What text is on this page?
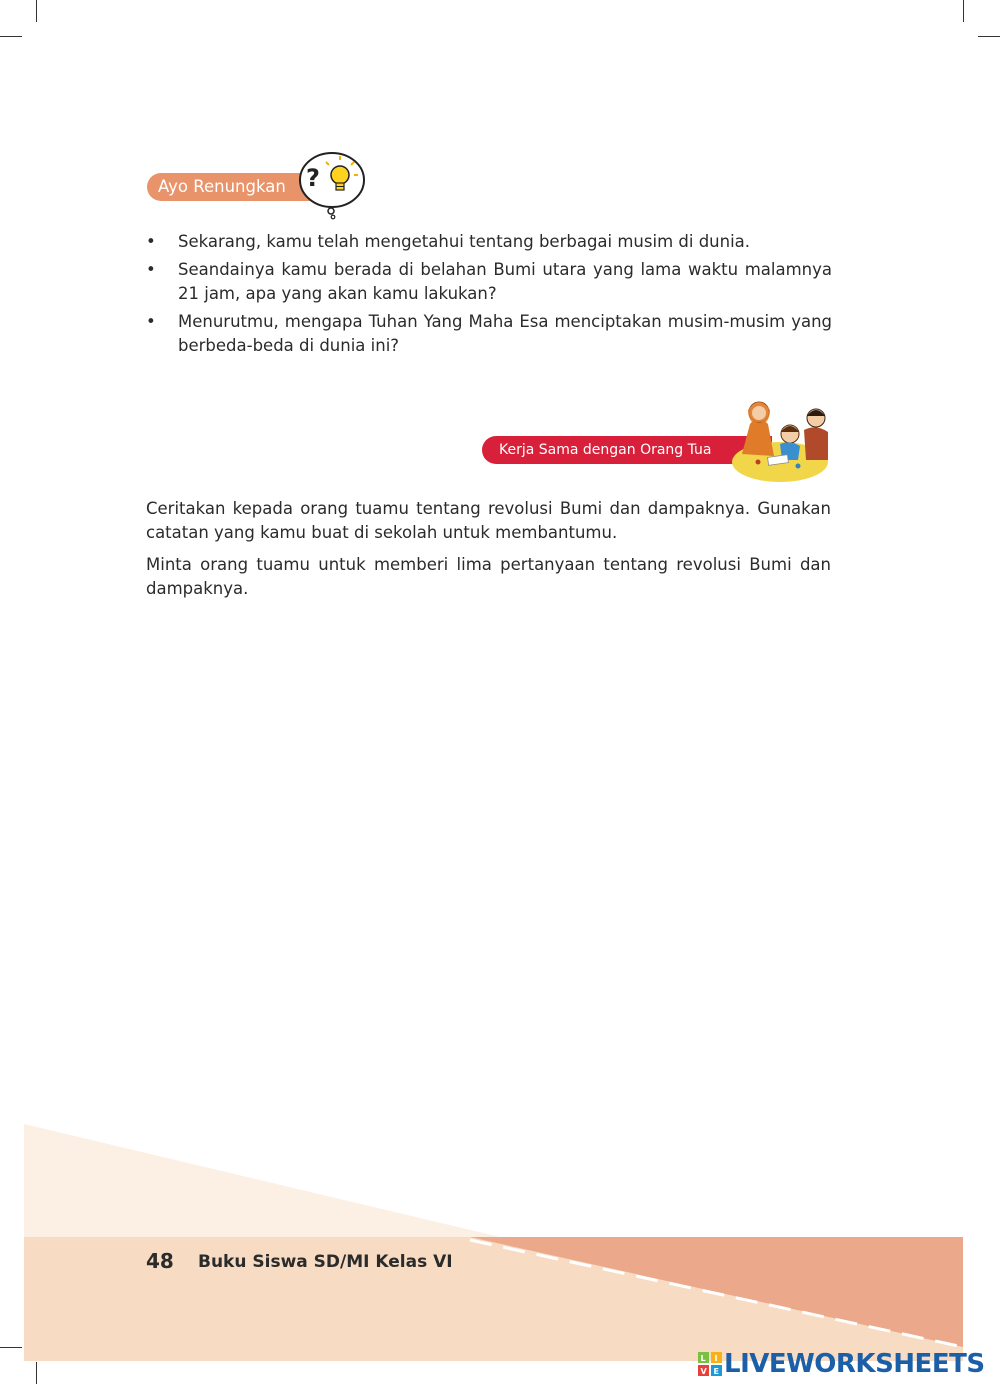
Ayo Renungkan ?
• Sekarang, kamu telah mengetahui tentang berbagai musim di dunia.
• Seandainya kamu berada di belahan Bumi utara yang lama waktu malamnya 21 jam, apa yang akan kamu lakukan?
• Menurutmu, mengapa Tuhan Yang Maha Esa menciptakan musim-musim yang berbeda-beda di dunia ini?
Kerja Sama dengan Orang Tua

Ceritakan kepada orang tuamu tentang revolusi Bumi dan dampaknya. Gunakan catatan yang kamu buat di sekolah untuk membantumu.

Minta orang tuamu untuk memberi lima pertanyaan tentang revolusi Bumi dan dampaknya.

48 Buku Siswa SD/MI Kelas VI
L I
V E LIVEWORKSHEETS
